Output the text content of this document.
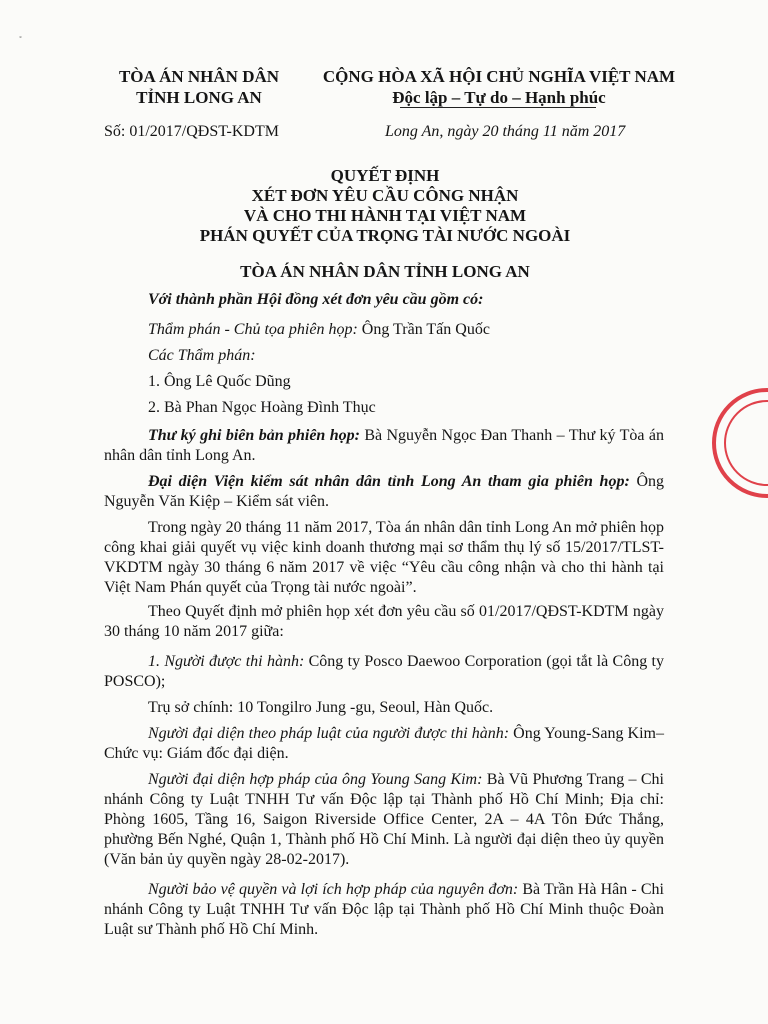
˟
TÒA ÁN NHÂN DÂN
TỈNH LONG AN
CỘNG HÒA XÃ HỘI CHỦ NGHĨA VIỆT NAM
Độc lập – Tự do – Hạnh phúc
Số: 01/2017/QĐST-KDTM	Long An, ngày 20 tháng 11 năm 2017
QUYẾT ĐỊNH
XÉT ĐƠN YÊU CẦU CÔNG NHẬN
VÀ CHO THI HÀNH TẠI VIỆT NAM
PHÁN QUYẾT CỦA TRỌNG TÀI NƯỚC NGOÀI
TÒA ÁN NHÂN DÂN TỈNH LONG AN
Với thành phần Hội đồng xét đơn yêu cầu gồm có:
Thẩm phán - Chủ tọa phiên họp: Ông Trần Tấn Quốc
Các Thẩm phán:
1. Ông Lê Quốc Dũng
2. Bà Phan Ngọc Hoàng Đình Thục
Thư ký ghi biên bản phiên họp: Bà Nguyễn Ngọc Đan Thanh – Thư ký Tòa án nhân dân tỉnh Long An.
Đại diện Viện kiểm sát nhân dân tỉnh Long An tham gia phiên họp: Ông Nguyễn Văn Kiệp – Kiểm sát viên.
Trong ngày 20 tháng 11 năm 2017, Tòa án nhân dân tỉnh Long An mở phiên họp công khai giải quyết vụ việc kinh doanh thương mại sơ thẩm thụ lý số 15/2017/TLST-VKDTM ngày 30 tháng 6 năm 2017 về việc “Yêu cầu công nhận và cho thi hành tại Việt Nam Phán quyết của Trọng tài nước ngoài”.
Theo Quyết định mở phiên họp xét đơn yêu cầu số 01/2017/QĐST-KDTM ngày 30 tháng 10 năm 2017 giữa:
1. Người được thi hành: Công ty Posco Daewoo Corporation (gọi tắt là Công ty POSCO);
Trụ sở chính: 10 Tongilro Jung -gu, Seoul, Hàn Quốc.
Người đại diện theo pháp luật của người được thi hành: Ông Young-Sang Kim– Chức vụ: Giám đốc đại diện.
Người đại diện hợp pháp của ông Young Sang Kim: Bà Vũ Phương Trang – Chi nhánh Công ty Luật TNHH Tư vấn Độc lập tại Thành phố Hồ Chí Minh; Địa chỉ: Phòng 1605, Tầng 16, Saigon Riverside Office Center, 2A – 4A Tôn Đức Thắng, phường Bến Nghé, Quận 1, Thành phố Hồ Chí Minh. Là người đại diện theo ủy quyền (Văn bản ủy quyền ngày 28-02-2017).
Người bảo vệ quyền và lợi ích hợp pháp của nguyên đơn: Bà Trần Hà Hân - Chi nhánh Công ty Luật TNHH Tư vấn Độc lập tại Thành phố Hồ Chí Minh thuộc Đoàn Luật sư Thành phố Hồ Chí Minh.
